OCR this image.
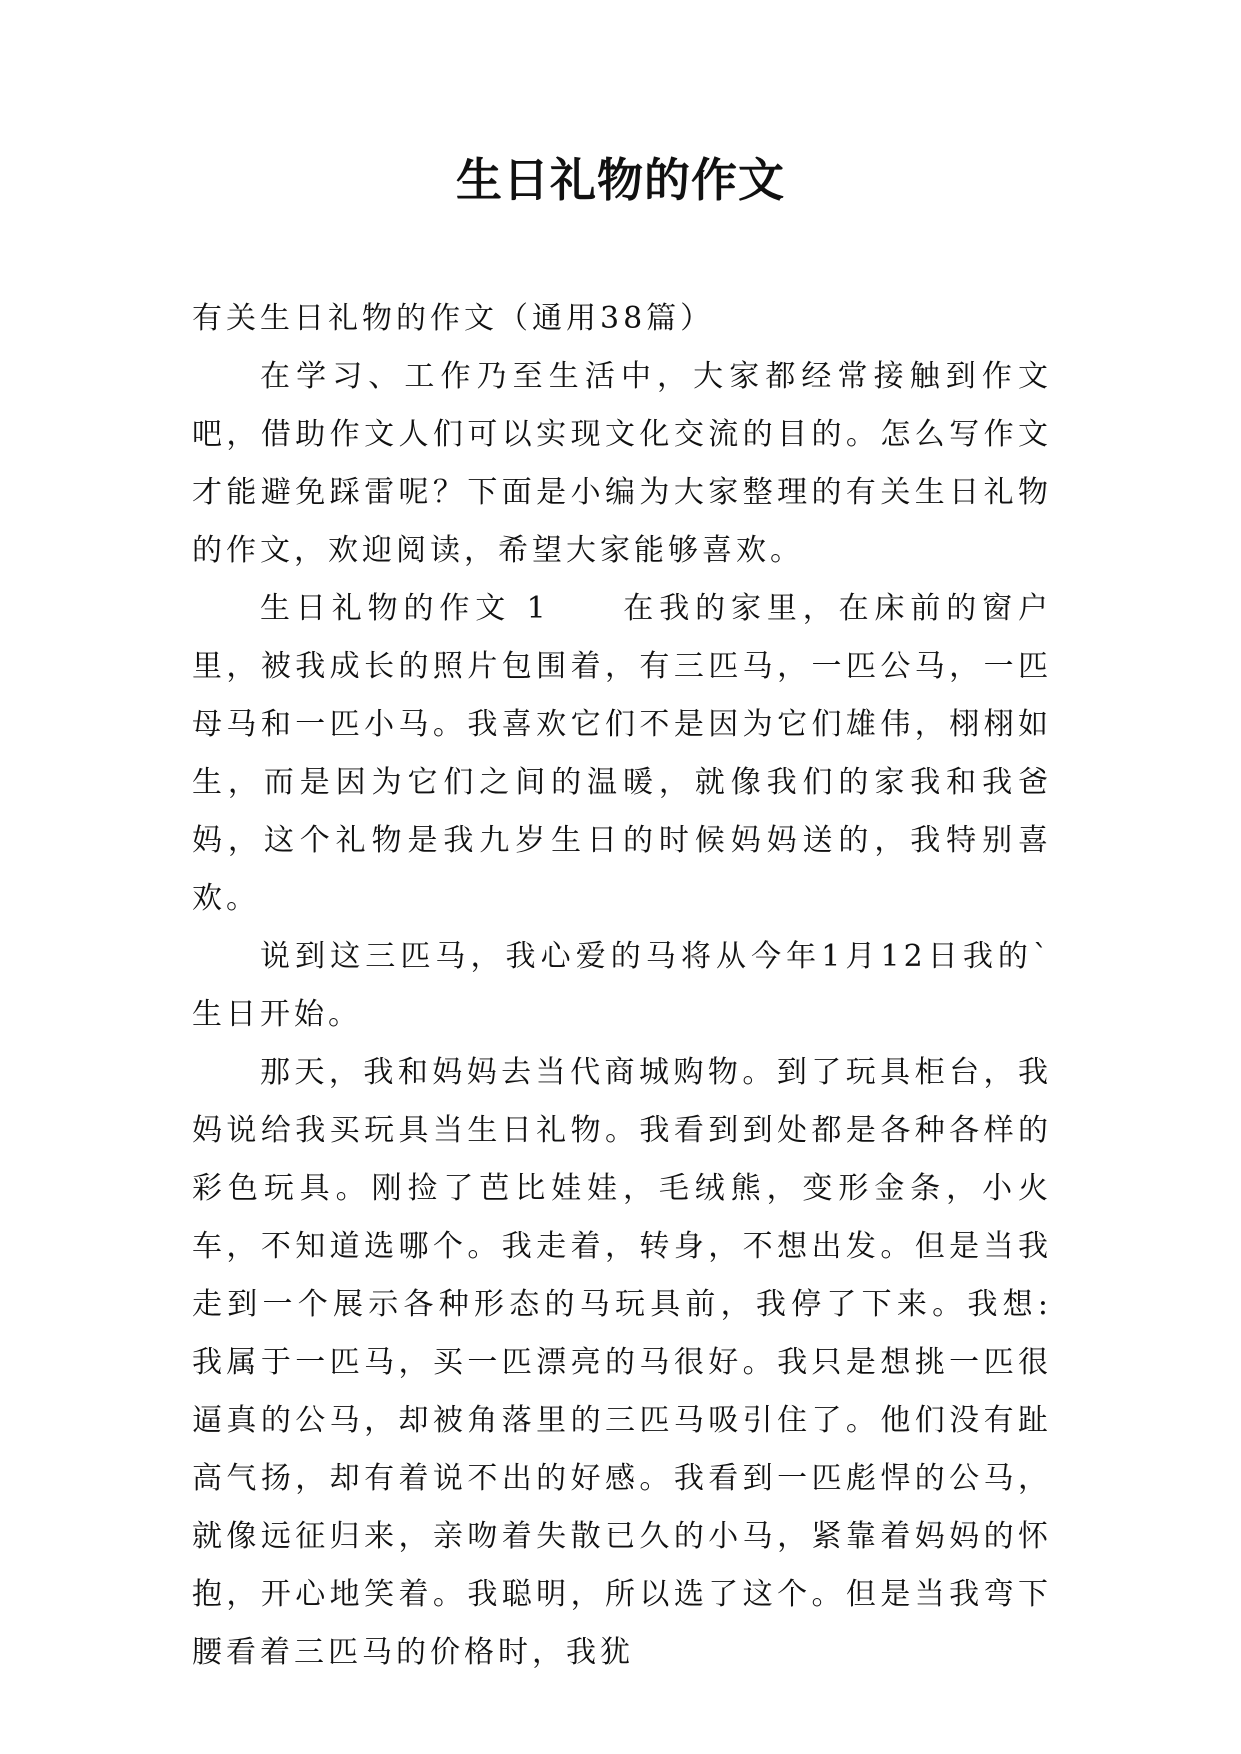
生日礼物的作文

有关生日礼物的作文（通用38篇）

在学习、工作乃至生活中，大家都经常接触到作文吧，借助作文人们可以实现文化交流的目的。怎么写作文才能避免踩雷呢？下面是小编为大家整理的有关生日礼物的作文，欢迎阅读，希望大家能够喜欢。

生日礼物的作文 1　　在我的家里，在床前的窗户里，被我成长的照片包围着，有三匹马，一匹公马，一匹母马和一匹小马。我喜欢它们不是因为它们雄伟，栩栩如生，而是因为它们之间的温暖，就像我们的家我和我爸妈，这个礼物是我九岁生日的时候妈妈送的，我特别喜欢。

说到这三匹马，我心爱的马将从今年1月12日我的`生日开始。

那天，我和妈妈去当代商城购物。到了玩具柜台，我妈说给我买玩具当生日礼物。我看到到处都是各种各样的彩色玩具。刚捡了芭比娃娃，毛绒熊，变形金条，小火车，不知道选哪个。我走着，转身，不想出发。但是当我走到一个展示各种形态的马玩具前，我停了下来。我想:我属于一匹马，买一匹漂亮的马很好。我只是想挑一匹很逼真的公马，却被角落里的三匹马吸引住了。他们没有趾高气扬，却有着说不出的好感。我看到一匹彪悍的公马，就像远征归来，亲吻着失散已久的小马，紧靠着妈妈的怀抱，开心地笑着。我聪明，所以选了这个。但是当我弯下腰看着三匹马的价格时，我犹
